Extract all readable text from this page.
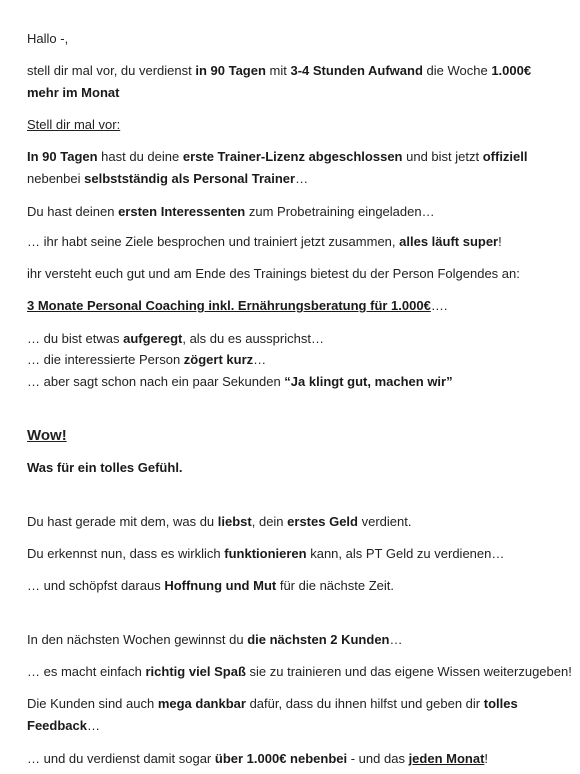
Hallo -,

stell dir mal vor, du verdienst in 90 Tagen mit 3-4 Stunden Aufwand die Woche 1.000€ mehr im Monat

Stell dir mal vor:

In 90 Tagen hast du deine erste Trainer-Lizenz abgeschlossen und bist jetzt offiziell nebenbei selbstständig als Personal Trainer…

Du hast deinen ersten Interessenten zum Probetraining eingeladen…

… ihr habt seine Ziele besprochen und trainiert jetzt zusammen, alles läuft super!

ihr versteht euch gut und am Ende des Trainings bietest du der Person Folgendes an:

3 Monate Personal Coaching inkl. Ernährungsberatung für 1.000€….

… du bist etwas aufgeregt, als du es aussprichst…

… die interessierte Person zögert kurz…

… aber sagt schon nach ein paar Sekunden “Ja klingt gut, machen wir”

Wow!

Was für ein tolles Gefühl.

Du hast gerade mit dem, was du liebst, dein erstes Geld verdient.

Du erkennst nun, dass es wirklich funktionieren kann, als PT Geld zu verdienen…

… und schöpfst daraus Hoffnung und Mut für die nächste Zeit.

In den nächsten Wochen gewinnst du die nächsten 2 Kunden…

… es macht einfach richtig viel Spaß sie zu trainieren und das eigene Wissen weiterzugeben!

Die Kunden sind auch mega dankbar dafür, dass du ihnen hilfst und geben dir tolles Feedback…

… und du verdienst damit sogar über 1.000€ nebenbei - und das jeden Monat!
